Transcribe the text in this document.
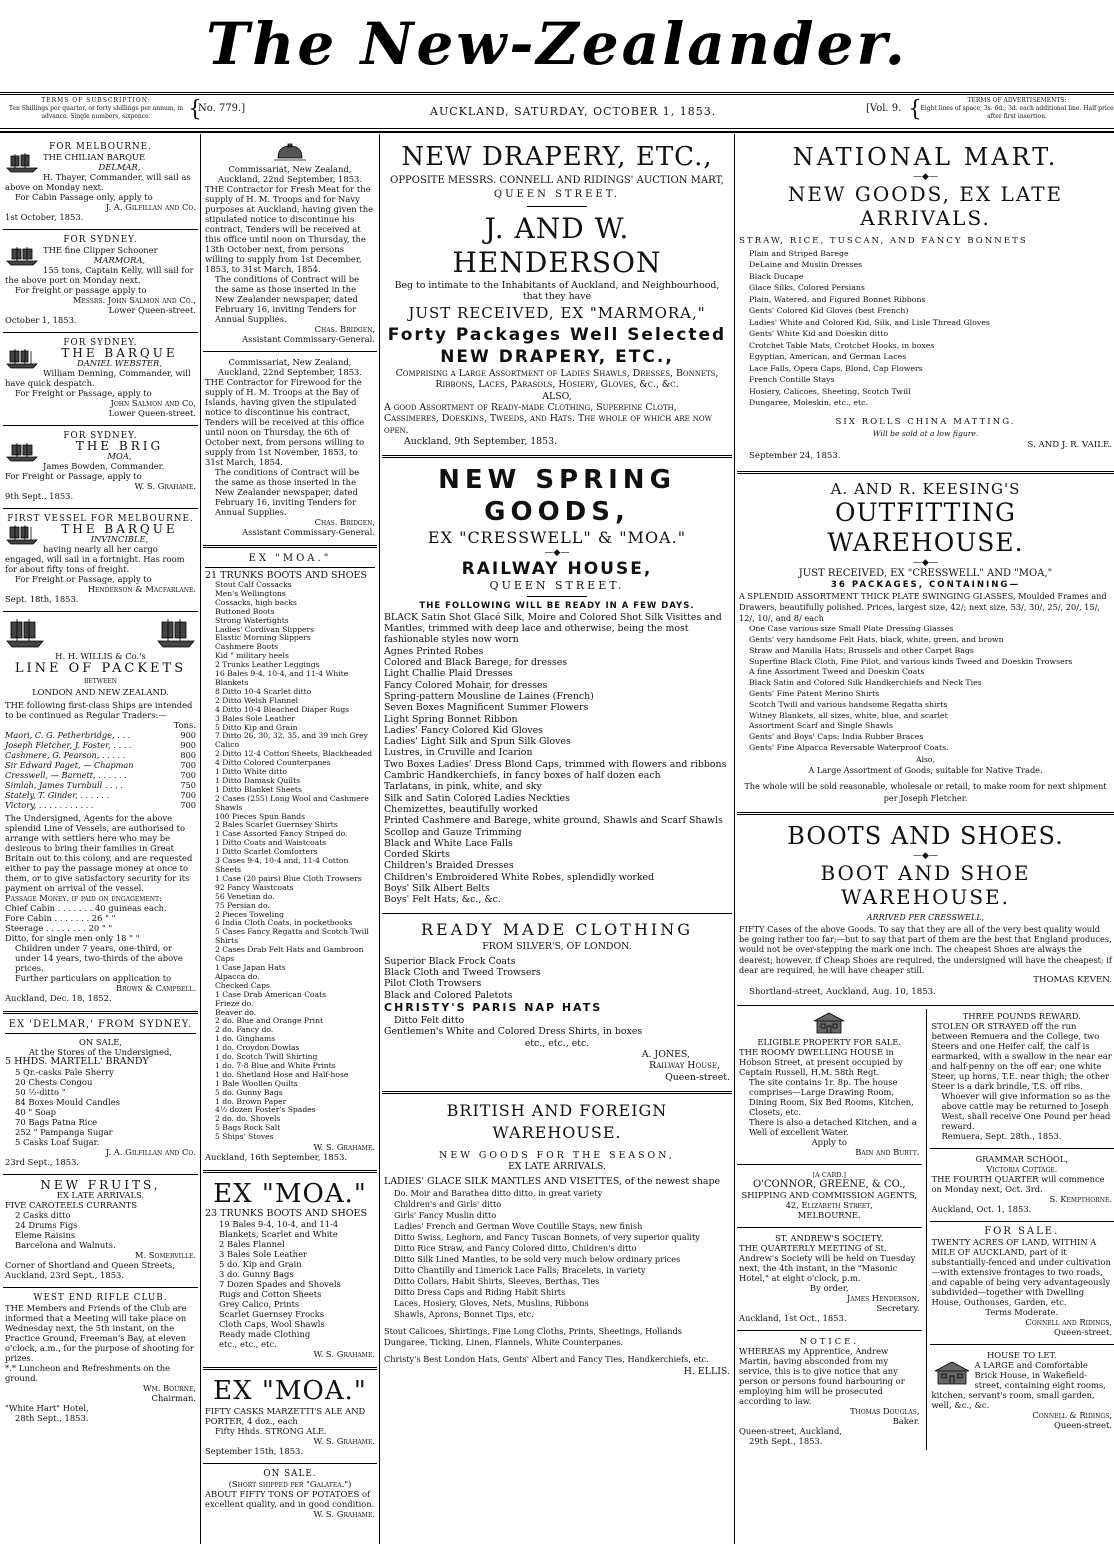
The New-Zealander.
TERMS OF SUBSCRIPTION:
Ten Shillings per quarter, or forty shillings per annum, in advance. Single numbers, sixpence.	{
No. 779.]	AUCKLAND, SATURDAY, OCTOBER 1, 1853.	[Vol. 9. {	TERMS OF ADVERTISEMENTS:
Eight lines of space, 3s. 6d.; 3d. each additional line. Half price after first insertion.
FOR MELBOURNE.
THE CHILIAN BARQUE
DELMAR,
H. Thayer, Commander, will sail as above on Monday next.
For Cabin Passage only, apply to
J. A. Gilfillan and Co.
1st October, 1853.
FOR SYDNEY.
THE fine Clipper Schooner
MARMORA,
155 tons, Captain Kelly, will sail for the above port on Monday next.
For freight or passage apply to
Messrs. John Salmon and Co.,
Lower Queen-street.
October 1, 1853.
FOR SYDNEY.
THE BARQUE
DANIEL WEBSTER,
William Denning, Commander, will have quick despatch.
For Freight or Passage, apply to
John Salmon and Co,
Lower Queen-street.
FOR SYDNEY.
THE BRIG
MOA,
James Bowden, Commander.
For Freight or Passage, apply to
W. S. Grahame.
9th Sept., 1853.
FIRST VESSEL FOR MELBOURNE.
THE BARQUE
INVINCIBLE,
having nearly all her cargo engaged, will sail in a fortnight. Has room for about fifty tons of freight.
For Freight or Passage, apply to
Henderson & Macfarlane.
Sept. 18th, 1853.
H. H. WILLIS & Co.'s
LINE OF PACKETS
BETWEEN
LONDON AND NEW ZEALAND.
THE following first-class Ships are intended to be continued as Regular Traders:—
Tons.
Maori, C. G. Petherbridge, . . .	900
Joseph Fletcher, J. Foster, . . . .	900
Cashmere, G. Pearson, . . . . .	800
Sir Edward Paget, — Chapman	700
Cresswell, — Barnett, . . . . . .	700
Simlah, James Turnbull . . . .	750
Stately, T. Ginder, . . . . . .	700
Victory, . . . . . . . . . . .	700
The Undersigned, Agents for the above splendid Line of Vessels, are authorised to arrange with settlers here who may be desirous to bring their families in Great Britain out to this colony, and are requested either to pay the passage money at once to them, or to give satisfactory security for its payment on arrival of the vessel.
Passage Money. if paid on engagement:
Chief Cabin . . . . . . . 40 guineas each.
Fore Cabin . . . . . . . 26 " "
Steerage . . . . . . . . 20 " "
Ditto, for single men only 18 " "
Children under 7 years, one-third, or under 14 years, two-thirds of the above prices.
Further particulars on application to
Brown & Campbell.
Auckland, Dec. 18, 1852.
EX 'DELMAR,' FROM SYDNEY.
ON SALE,
At the Stores of the Undersigned,
5 HHDS. MARTELL' BRANDY
5 Qr.-casks Pale Sherry
20 Chests Congou
50 ½-ditto "
84 Boxes Mould Candles
40 " Soap
70 Bags Patna Rice
252 " Pampanga Sugar
5 Casks Loaf Sugar.
J. A. Gilfillan and Co.
23rd Sept., 1853.
NEW FRUITS,
EX LATE ARRIVALS.
FIVE CAROTEELS CURRANTS
2 Casks ditto
24 Drums Figs
Eleme Raisins
Barcelona and Walnuts.
M. Somerville.
Corner of Shortland and Queen Streets, Auckland, 23rd Sept., 1853.
WEST END RIFLE CLUB.
THE Members and Friends of the Club are informed that a Meeting will take place on Wednesday next, the 5th instant, on the Practice Ground, Freeman's Bay, at eleven o'clock, a.m., for the purpose of shooting for prizes.
*.* Luncheon and Refreshments on the ground.
Wm. Bourne,
Chairman.
"White Hart" Hotel,
28th Sept., 1853.
Commissariat, New Zealand,
Auckland, 22nd September, 1853.
THE Contractor for Fresh Meat for the supply of H. M. Troops and for Navy purposes at Auckland, having given the stipulated notice to discontinue his contract, Tenders will be received at this office until noon on Thursday, the 13th October next, from persons willing to supply from 1st December, 1853, to 31st March, 1854.
The conditions of Contract will be the same as those inserted in the New Zealander newspaper, dated February 16, inviting Tenders for Annual Supplies.
Chas. Bridgen,
Assistant Commissary-General.
Commissariat, New Zealand,
Auckland, 22nd September, 1853.
THE Contractor for Firewood for the supply of H. M. Troops at the Bay of Islands, having given the stipulated notice to discontinue his contract, Tenders will be received at this office until noon on Thursday, the 6th of October next, from persons willing to supply from 1st November, 1853, to 31st March, 1854.
The conditions of Contract will be the same as those inserted in the New Zealander newspaper, dated February 16, inviting Tenders for Annual Supplies.
Chas. Bridgen,
Assistant Commissary-General.
EX "MOA."
21 TRUNKS BOOTS AND SHOES
Stout Calf Cossacks
Men's Wellingtons
Cossacks, high backs
Buttoned Boots
Strong Watertights
Ladies' Cordivan Slippers
Elastic Morning Slippers
Cashmere Boots
Kid " military heels
2 Trunks Leather Leggings
16 Bales 9-4, 10-4, and 11-4 White Blankets
8 Ditto 10-4 Scarlet ditto
2 Ditto Welsh Flannel
4 Ditto 10-4 Bleached Diaper Rugs
3 Bales Sole Leather
5 Ditto Kip and Grain
7 Ditto 26, 30, 32, 35, and 39 inch Grey Calico
2 Ditto 12-4 Cotton Sheets, Blackheaded
4 Ditto Colored Counterpanes
1 Ditto White ditto
1 Ditto Damask Quilts
1 Ditto Blanket Sheets
2 Cases (255) Long Wool and Cashmere Shawls
100 Pieces Spun Bands
2 Bales Scarlet Guernsey Shirts
1 Case Assorted Fancy Striped do.
1 Ditto Coats and Waistcoats
1 Ditto Scarlet Comforters
3 Cases 9-4, 10-4 and, 11-4 Cotton Sheets
1 Case (20 pairs) Blue Cloth Trowsers
92 Fancy Waistcoats
56 Venetian do.
75 Persian do.
2 Pieces Toweling
6 India Cloth Coats, in pocketbooks
5 Cases Fancy Regatta and Scotch Twill Shirts
2 Cases Drab Felt Hats and Gambroon Caps
1 Case Japan Hats
Alpacca do.
Checked Caps
1 Case Drab American Coats
Frieze do.
Beaver do.
2 do. Blue and Orange Print
2 do. Fancy do.
1 do. Ginghams
1 do. Croydon Dowlas
1 do. Scotch Twill Shirting
1 do. 7-8 Blue and White Prints
1 do. Shetland Hose and Half-hose
1 Bale Woollen Quilts
5 do. Gunny Bags
1 do. Brown Paper
4½ dozen Foster's Spades
2 do. do. Shovels
5 Bags Rock Salt
5 Ships' Stoves
W. S. Grahame.
Auckland, 16th September, 1853.
EX "MOA."
23 TRUNKS BOOTS AND SHOES
19 Bales 9-4, 10-4, and 11-4 Blankets, Scarlet and White
2 Bales Flannel
3 Bales Sole Leather
5 do. Kip and Grain
3 do. Gunny Bags
7 Dozen Spades and Shovels
Rugs and Cotton Sheets
Grey Calico, Prints
Scarlet Guernsey Frocks
Cloth Caps, Wool Shawls
Ready made Clothing
etc., etc., etc.
W. S. Grahame.
EX "MOA."
FIFTY CASKS MARZETTI'S ALE AND PORTER, 4 doz., each
Fifty Hhds. STRONG ALE.
W. S. Grahame.
September 15th, 1853.
ON SALE.
(Short shipped per "Galatea.")
ABOUT FIFTY TONS OF POTATOES of excellent quality, and in good condition.
W. S. Grahame.
NEW DRAPERY, ETC.,
OPPOSITE MESSRS. CONNELL AND RIDINGS' AUCTION MART,
QUEEN STREET.
J. AND W. HENDERSON
Beg to intimate to the Inhabitants of Auckland, and Neighbourhood, that they have
JUST RECEIVED, EX "MARMORA,"
Forty Packages Well Selected
NEW DRAPERY, ETC.,
Comprising a Large Assortment of Ladies Shawls, Dresses, Bonnets, Ribbons, Laces, Parasols, Hosiery, Gloves, &c., &c.
ALSO,
A good Assortment of Ready-made Clothing, Superfine Cloth, Cassimeres, Doeskins, Tweeds, and Hats. The whole of which are now open.
Auckland, 9th September, 1853.
NEW SPRING GOODS,
EX "CRESSWELL" & "MOA."
—◆—
RAILWAY HOUSE,
QUEEN STREET.
THE FOLLOWING WILL BE READY IN A FEW DAYS.
BLACK Satin Shot Glacé Silk, Moire and Colored Shot Silk Visittes and Mantles, trimmed with deep lace and otherwise, being the most fashionable styles now worn
Agnes Printed Robes
Colored and Black Barege, for dresses
Light Challie Plaid Dresses
Fancy Colored Mohair, for dresses
Spring-pattern Mousline de Laines (French)
Seven Boxes Magnificent Summer Flowers
Light Spring Bonnet Ribbon
Ladies' Fancy Colored Kid Gloves
Ladies' Light Silk and Spun Silk Gloves
Lustres, in Cruville and Icarion
Two Boxes Ladies' Dress Blond Caps, trimmed with flowers and ribbons
Cambric Handkerchiefs, in fancy boxes of half dozen each
Tarlatans, in pink, white, and sky
Silk and Satin Colored Ladies Neckties
Chemizettes, beautifully worked
Printed Cashmere and Barege, white ground, Shawls and Scarf Shawls
Scollop and Gauze Trimming
Black and White Lace Falls
Corded Skirts
Children's Braided Dresses
Children's Embroidered White Robes, splendidly worked
Boys' Silk Albert Belts
Boys' Felt Hats, &c., &c.
READY MADE CLOTHING
FROM SILVER'S, OF LONDON.
Superior Black Frock Coats
Black Cloth and Tweed Trowsers
Pilot Cloth Trowsers
Black and Colored Paletots
CHRISTY'S PARIS NAP HATS
Ditto Felt ditto
Gentlemen's White and Colored Dress Shirts, in boxes
etc., etc., etc.
A. JONES,
Railway House,
Queen-street.
BRITISH AND FOREIGN WAREHOUSE.
NEW GOODS FOR THE SEASON,
EX LATE ARRIVALS.
LADIES' GLACE SILK MANTLES AND VISETTES, of the newest shape
Do. Moir and Barathea ditto ditto, in great variety
Children's and Girls' ditto
Girls' Fancy Muslin ditto
Ladies' French and German Wove Coutille Stays, new finish
Ditto Swiss, Leghorn, and Fancy Tuscan Bonnets, of very superior quality
Ditto Rice Straw, and Fancy Colored ditto, Children's ditto
Ditto Silk Lined Mantles, to be sold very much below ordinary prices
Ditto Chantilly and Limerick Lace Falls; Bracelets, in variety
Ditto Collars, Habit Shirts, Sleeves, Berthas, Ties
Ditto Dress Caps and Riding Habit Shirts
Laces, Hosiery, Gloves, Nets, Muslins, Ribbons
Shawls, Aprons, Bonnet Tips, etc.
Stout Calicoes, Shirtings, Fine Long Cloths, Prints, Sheetings, Hollands
Dungaree, Ticking, Linen, Flannels, White Counterpanes.
Christy's Best London Hats, Gents' Albert and Fancy Ties, Handkerchiefs, etc.
H. ELLIS.
NATIONAL MART.
—◆—
NEW GOODS, EX LATE ARRIVALS.
STRAW, RICE, TUSCAN, AND FANCY BONNETS
Plain and Striped Barege
DeLaine and Muslin Dresses
Black Ducape
Glace Silks, Colored Persians
Plain, Watered, and Figured Bonnet Ribbons
Gents' Colored Kid Gloves (best French)
Ladies' White and Colored Kid, Silk, and Lisle Thread Gloves
Gents' White Kid and Doeskin ditto
Crotchet Table Mats, Crotchet Hooks, in boxes
Egyptian, American, and German Laces
Lace Falls, Opera Caps, Blond, Cap Flowers
French Contille Stays
Hosiery, Calicoes, Sheeting, Scotch Twill
Dungaree, Moleskin, etc., etc.
SIX ROLLS CHINA MATTING.
Will be sold at a low figure.
S. AND J. R. VAILE.
September 24, 1853.
A. AND R. KEESING'S
OUTFITTING WAREHOUSE.
—◆—
JUST RECEIVED, EX "CRESSWELL" AND "MOA,"
36 PACKAGES, CONTAINING—
A SPLENDID ASSORTMENT THICK PLATE SWINGING GLASSES, Moulded Frames and Drawers, beautifully polished. Prices, largest size, 42/; next size, 53/, 30/, 25/, 20/, 15/, 12/, 10/, and 8/ each
One Case various size Small Plate Dressing Glasses
Gents' very handsome Felt Hats, black, white, green, and brown
Straw and Manilla Hats; Brussels and other Carpet Bags
Superfine Black Cloth, Fine Pilot, and various kinds Tweed and Doeskin Trowsers
A fine Assortment Tweed and Doeskin Coats
Black Satin and Colored Silk Handkerchiefs and Neck Ties
Gents' Fine Patent Merino Shirts
Scotch Twill and various handsome Regatta shirts
Witney Blankets, all sizes, white, blue, and scarlet
Assortment Scarf and Single Shawls
Gents' and Boys' Caps; India Rubber Braces
Gents' Fine Alpacca Reversable Waterproof Coats.
Also,
A Large Assortment of Goods, suitable for Native Trade.
The whole will be sold reasonable, wholesale or retail, to make room for next shipment per Joseph Fletcher.
BOOTS AND SHOES.
—◆—
BOOT AND SHOE WAREHOUSE.
ARRIVED PER CRESSWELL,
FIFTY Cases of the above Goods. To say that they are all of the very best quality would be going rather too far;—but to say that part of them are the best that England produces, would not be over-stepping the mark one inch. The cheapest Shoes are always the dearest; however, if Cheap Shoes are required, the undersigned will have the cheapest; if dear are required, he will have cheaper still.
THOMAS KEVEN.
Shortland-street, Auckland, Aug. 10, 1853.
ELIGIBLE PROPERTY FOR SALE.
THE ROOMY DWELLING HOUSE in Hobson Street, at present occupied by Captain Russell, H.M. 58th Regt.
The site contains 1r. 8p. The house comprises—Large Drawing Room, Dining Room, Six Bed Rooms, Kitchen, Closets, etc.
There is also a detached Kitchen, and a Well of excellent Water.
Apply to
Bain and Burtt.
[A CARD.]
O'CONNOR, GREENE, & CO.,
SHIPPING AND COMMISSION AGENTS,
42, Elizabeth Street,
MELBOURNE.
ST. ANDREW'S SOCIETY.
THE QUARTERLY MEETING of St. Andrew's Society will be held on Tuesday next, the 4th instant, in the "Masonic Hotel," at eight o'clock, p.m.
By order,
James Henderson,
Secretary.
Auckland, 1st Oct., 1853.
NOTICE.
WHEREAS my Apprentice, Andrew Martin, having absconded from my service, this is to give notice that any person or persons found harbouring or employing him will be prosecuted according to law.
Thomas Douglas,
Baker.
Queen-street, Auckland,
29th Sept., 1853.
THREE POUNDS REWARD.
STOLEN OR STRAYED off the run between Remuera and the College, two Steers and one Heifer calf, the calf is earmarked, with a swallow in the near ear and half-penny on the off ear; one white Steer, up horns, T.E. near thigh; the other Steer is a dark brindle, T.S. off ribs.
Whoever will give information so as the above cattle may be returned to Joseph West, shall receive One Pound per head reward.
Remuera, Sept. 28th., 1853.
GRAMMAR SCHOOL,
Victoria Cottage.
THE FOURTH QUARTER will commence on Monday next, Oct. 3rd.
S. Kempthorne.
Auckland, Oct. 1, 1853.
FOR SALE.
TWENTY ACRES OF LAND, WITHIN A MILE OF AUCKLAND, part of it substantially-fenced and under cultivation—with extensive frontages to two roads, and capable of being very advantageously subdivided—together with Dwelling House, Outhouses, Garden, etc.
Terms Moderate.
Connell and Ridings,
Queen-street.
HOUSE TO LET.
A LARGE and Comfortable Brick House, in Wakefield-street, containing eight rooms, kitchen, servant's room, small garden, well, &c., &c.
Connell & Ridings,
Queen-street.
